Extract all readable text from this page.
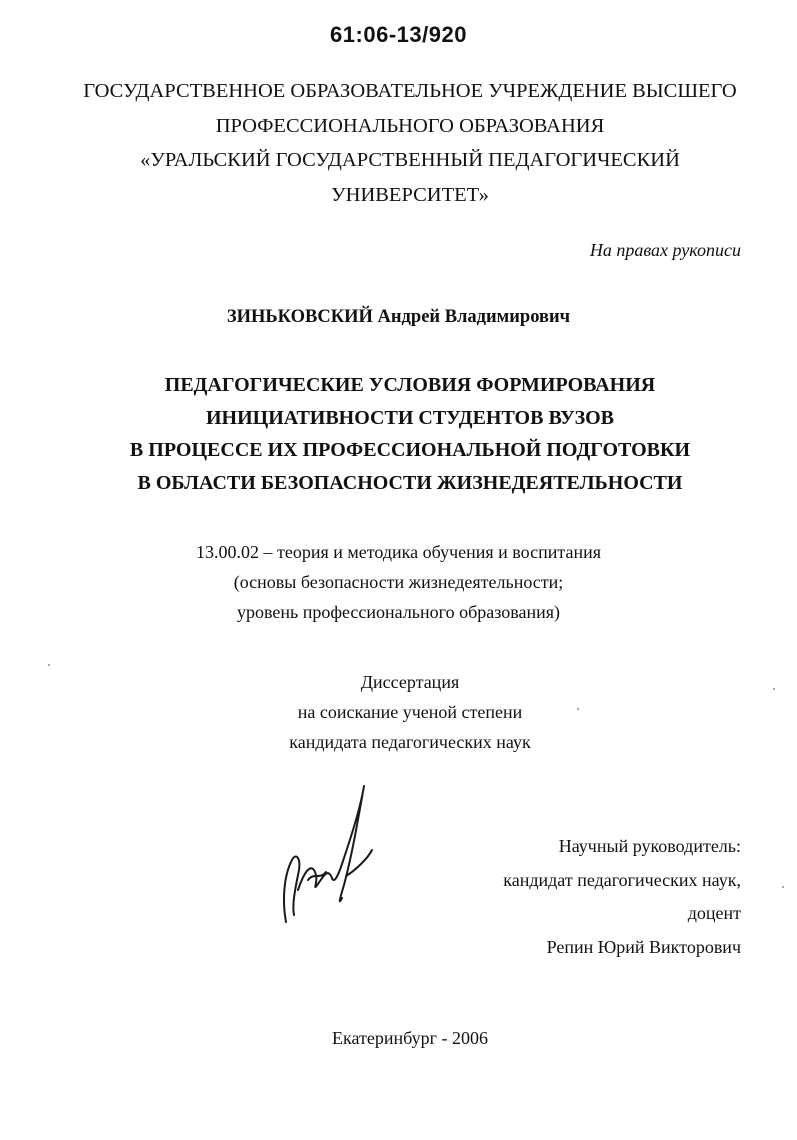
61:06-13/920
ГОСУДАРСТВЕННОЕ ОБРАЗОВАТЕЛЬНОЕ УЧРЕЖДЕНИЕ ВЫСШЕГО
ПРОФЕССИОНАЛЬНОГО ОБРАЗОВАНИЯ
«УРАЛЬСКИЙ ГОСУДАРСТВЕННЫЙ ПЕДАГОГИЧЕСКИЙ
УНИВЕРСИТЕТ»
На правах рукописи
ЗИНЬКОВСКИЙ Андрей Владимирович
ПЕДАГОГИЧЕСКИЕ УСЛОВИЯ ФОРМИРОВАНИЯ
ИНИЦИАТИВНОСТИ СТУДЕНТОВ ВУЗОВ
В ПРОЦЕССЕ ИХ ПРОФЕССИОНАЛЬНОЙ ПОДГОТОВКИ
В ОБЛАСТИ БЕЗОПАСНОСТИ ЖИЗНЕДЕЯТЕЛЬНОСТИ
13.00.02 – теория и методика обучения и воспитания
(основы безопасности жизнедеятельности;
уровень профессионального образования)
Диссертация
на соискание ученой степени
кандидата педагогических наук
Научный руководитель:
кандидат педагогических наук,
доцент
Репин Юрий Викторович
Екатеринбург - 2006
